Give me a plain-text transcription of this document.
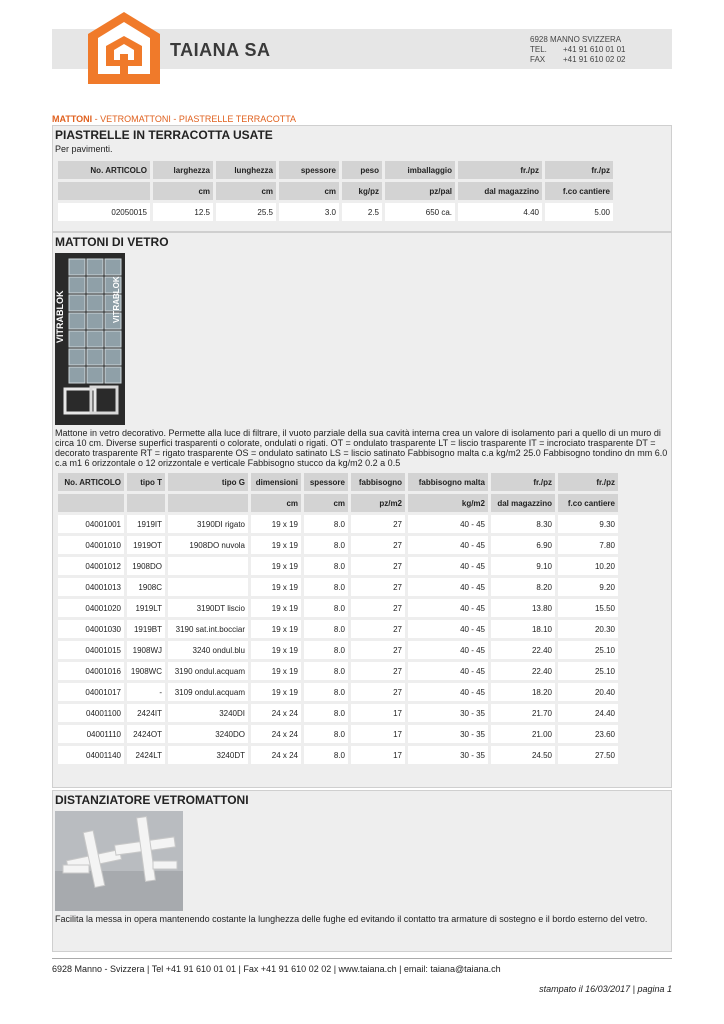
TAIANA SA
6928 MANNO SVIZZERA
TEL. +41 91 610 01 01
FAX +41 91 610 02 02
MATTONI - VETROMATTONI - PIASTRELLE TERRACOTTA
PIASTRELLE IN TERRACOTTA USATE
Per pavimenti.
No. ARTICOLO	larghezza	lunghezza	spessore	peso	imballaggio	fr./pz	fr./pz
	cm	cm	cm	kg/pz	pz/pal	dal magazzino	f.co cantiere
02050015	12.5	25.5	3.0	2.5	650 ca.	4.40	5.00
MATTONI DI VETRO
VITRABLOK	VITRABLOK
Mattone in vetro decorativo. Permette alla luce di filtrare, il vuoto parziale della sua cavità interna crea un valore di isolamento pari a quello di un muro di circa 10 cm. Diverse superfici trasparenti o colorate, ondulati o rigati. OT = ondulato trasparente LT = liscio trasparente IT = incrociato trasparente DT = decorato trasparente RT = rigato trasparente OS = ondulato satinato LS = liscio satinato Fabbisogno malta c.a kg/m2 25.0 Fabbisogno tondino dn mm 6.0 c.a m1 6 orizzontale o 12 orizzontale e verticale Fabbisogno stucco da kg/m2 0.2 a 0.5
No. ARTICOLO	tipo T	tipo G	dimensioni	spessore	fabbisogno	fabbisogno malta	fr./pz	fr./pz
			cm	cm	pz/m2	kg/m2	dal magazzino	f.co cantiere
04001001	1919IT	3190DI rigato	19 x 19	8.0	27	40 - 45	8.30	9.30
04001010	1919OT	1908DO nuvola	19 x 19	8.0	27	40 - 45	6.90	7.80
04001012	1908DO		19 x 19	8.0	27	40 - 45	9.10	10.20
04001013	1908C		19 x 19	8.0	27	40 - 45	8.20	9.20
04001020	1919LT	3190DT liscio	19 x 19	8.0	27	40 - 45	13.80	15.50
04001030	1919BT	3190 sat.int.bocciar	19 x 19	8.0	27	40 - 45	18.10	20.30
04001015	1908WJ	3240 ondul.blu	19 x 19	8.0	27	40 - 45	22.40	25.10
04001016	1908WC	3190 ondul.acquam	19 x 19	8.0	27	40 - 45	22.40	25.10
04001017	-	3109 ondul.acquam	19 x 19	8.0	27	40 - 45	18.20	20.40
04001100	2424IT	3240DI	24 x 24	8.0	17	30 - 35	21.70	24.40
04001110	2424OT	3240DO	24 x 24	8.0	17	30 - 35	21.00	23.60
04001140	2424LT	3240DT	24 x 24	8.0	17	30 - 35	24.50	27.50
DISTANZIATORE VETROMATTONI
Facilita la messa in opera mantenendo costante la lunghezza delle fughe ed evitando il contatto tra armature di sostegno e il bordo esterno del vetro.
6928 Manno - Svizzera | Tel +41 91 610 01 01 | Fax +41 91 610 02 02 | www.taiana.ch | email: taiana@taiana.ch
stampato il 16/03/2017 | pagina 1
